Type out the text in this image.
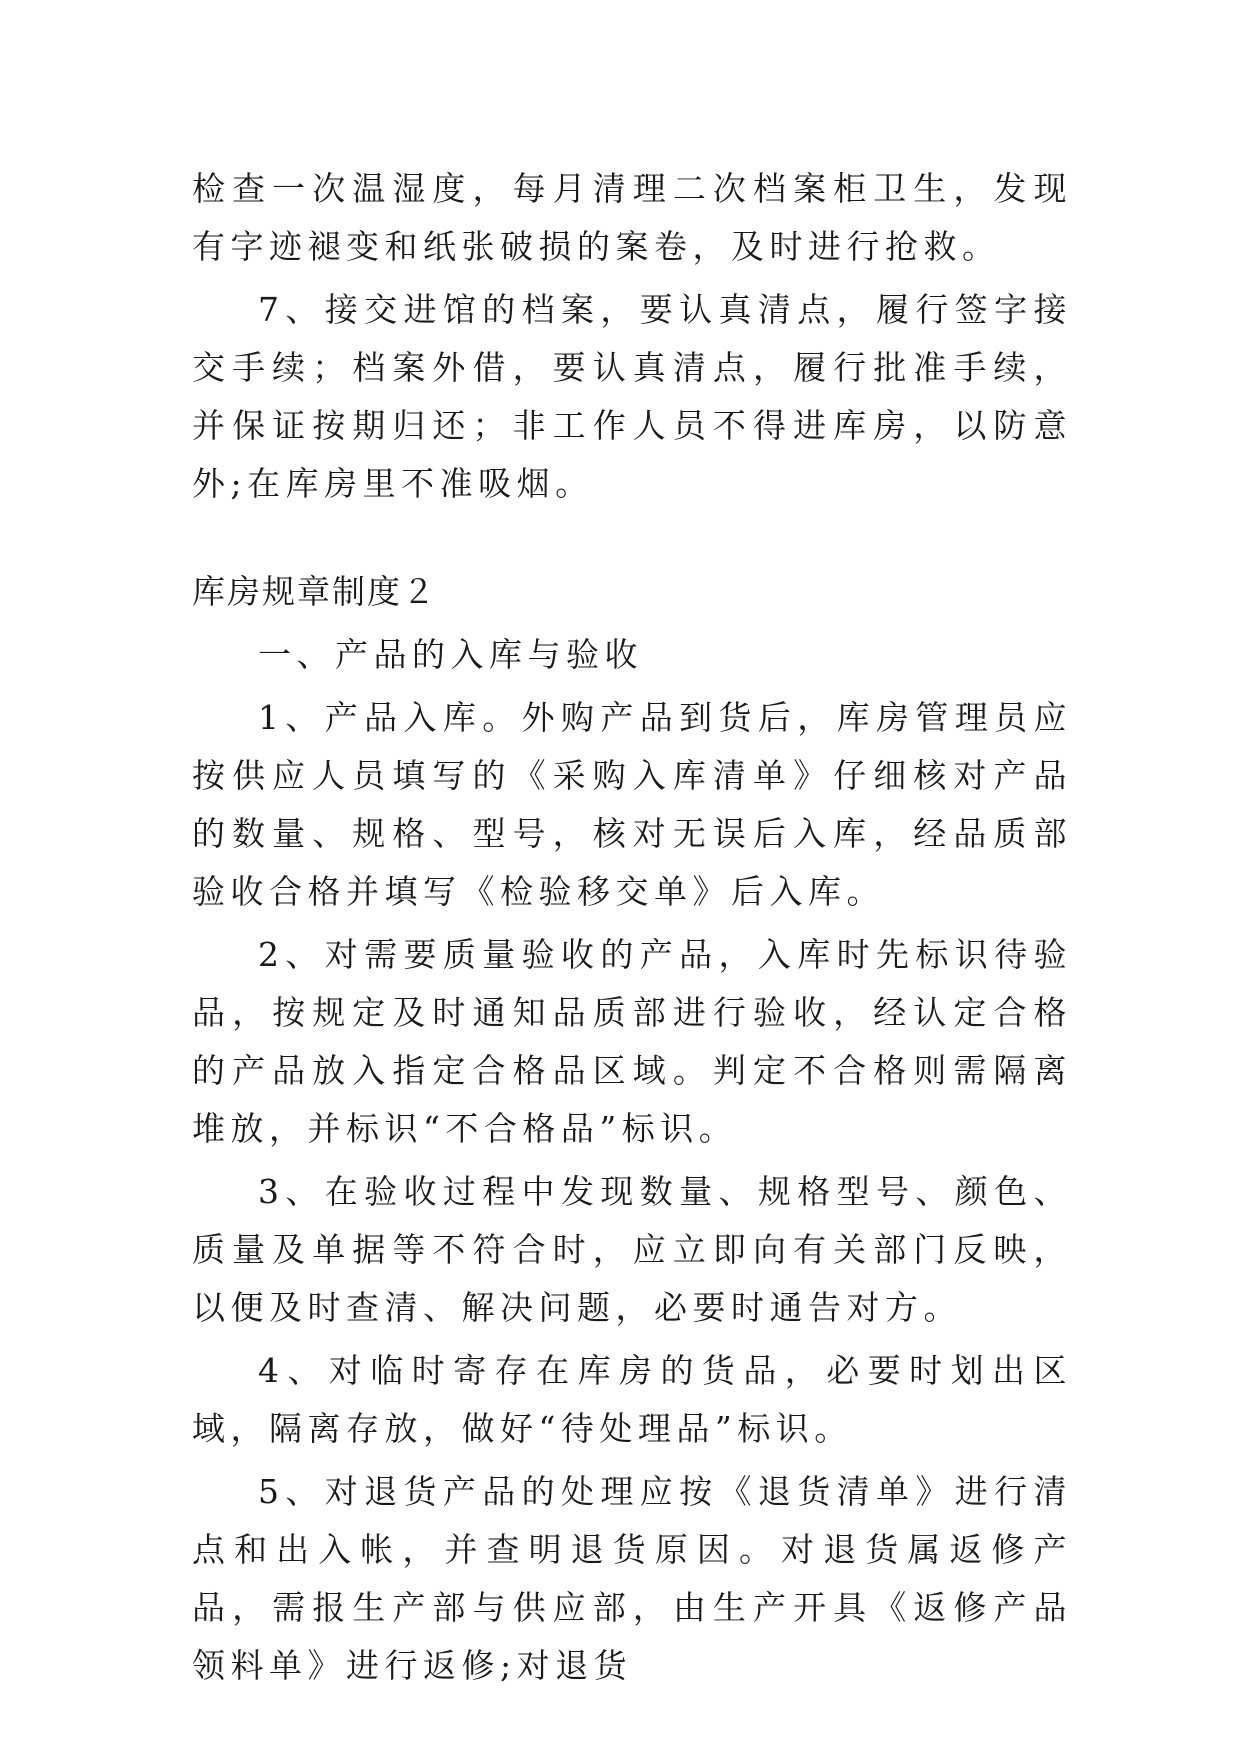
检查一次温湿度，每月清理二次档案柜卫生，发现有字迹褪变和纸张破损的案卷，及时进行抢救。

7、接交进馆的档案，要认真清点，履行签字接交手续；档案外借，要认真清点，履行批准手续，并保证按期归还；非工作人员不得进库房，以防意外;在库房里不准吸烟。

库房规章制度２

一、产品的入库与验收

1、产品入库。外购产品到货后，库房管理员应按供应人员填写的《采购入库清单》仔细核对产品的数量、规格、型号，核对无误后入库，经品质部验收合格并填写《检验移交单》后入库。

2、对需要质量验收的产品，入库时先标识待验品，按规定及时通知品质部进行验收，经认定合格的产品放入指定合格品区域。判定不合格则需隔离堆放，并标识“不合格品”标识。

3、在验收过程中发现数量、规格型号、颜色、质量及单据等不符合时，应立即向有关部门反映，以便及时查清、解决问题，必要时通告对方。

4、对临时寄存在库房的货品，必要时划出区域，隔离存放，做好“待处理品”标识。

5、对退货产品的处理应按《退货清单》进行清点和出入帐，并查明退货原因。对退货属返修产品，需报生产部与供应部，由生产开具《返修产品领料单》进行返修;对退货
